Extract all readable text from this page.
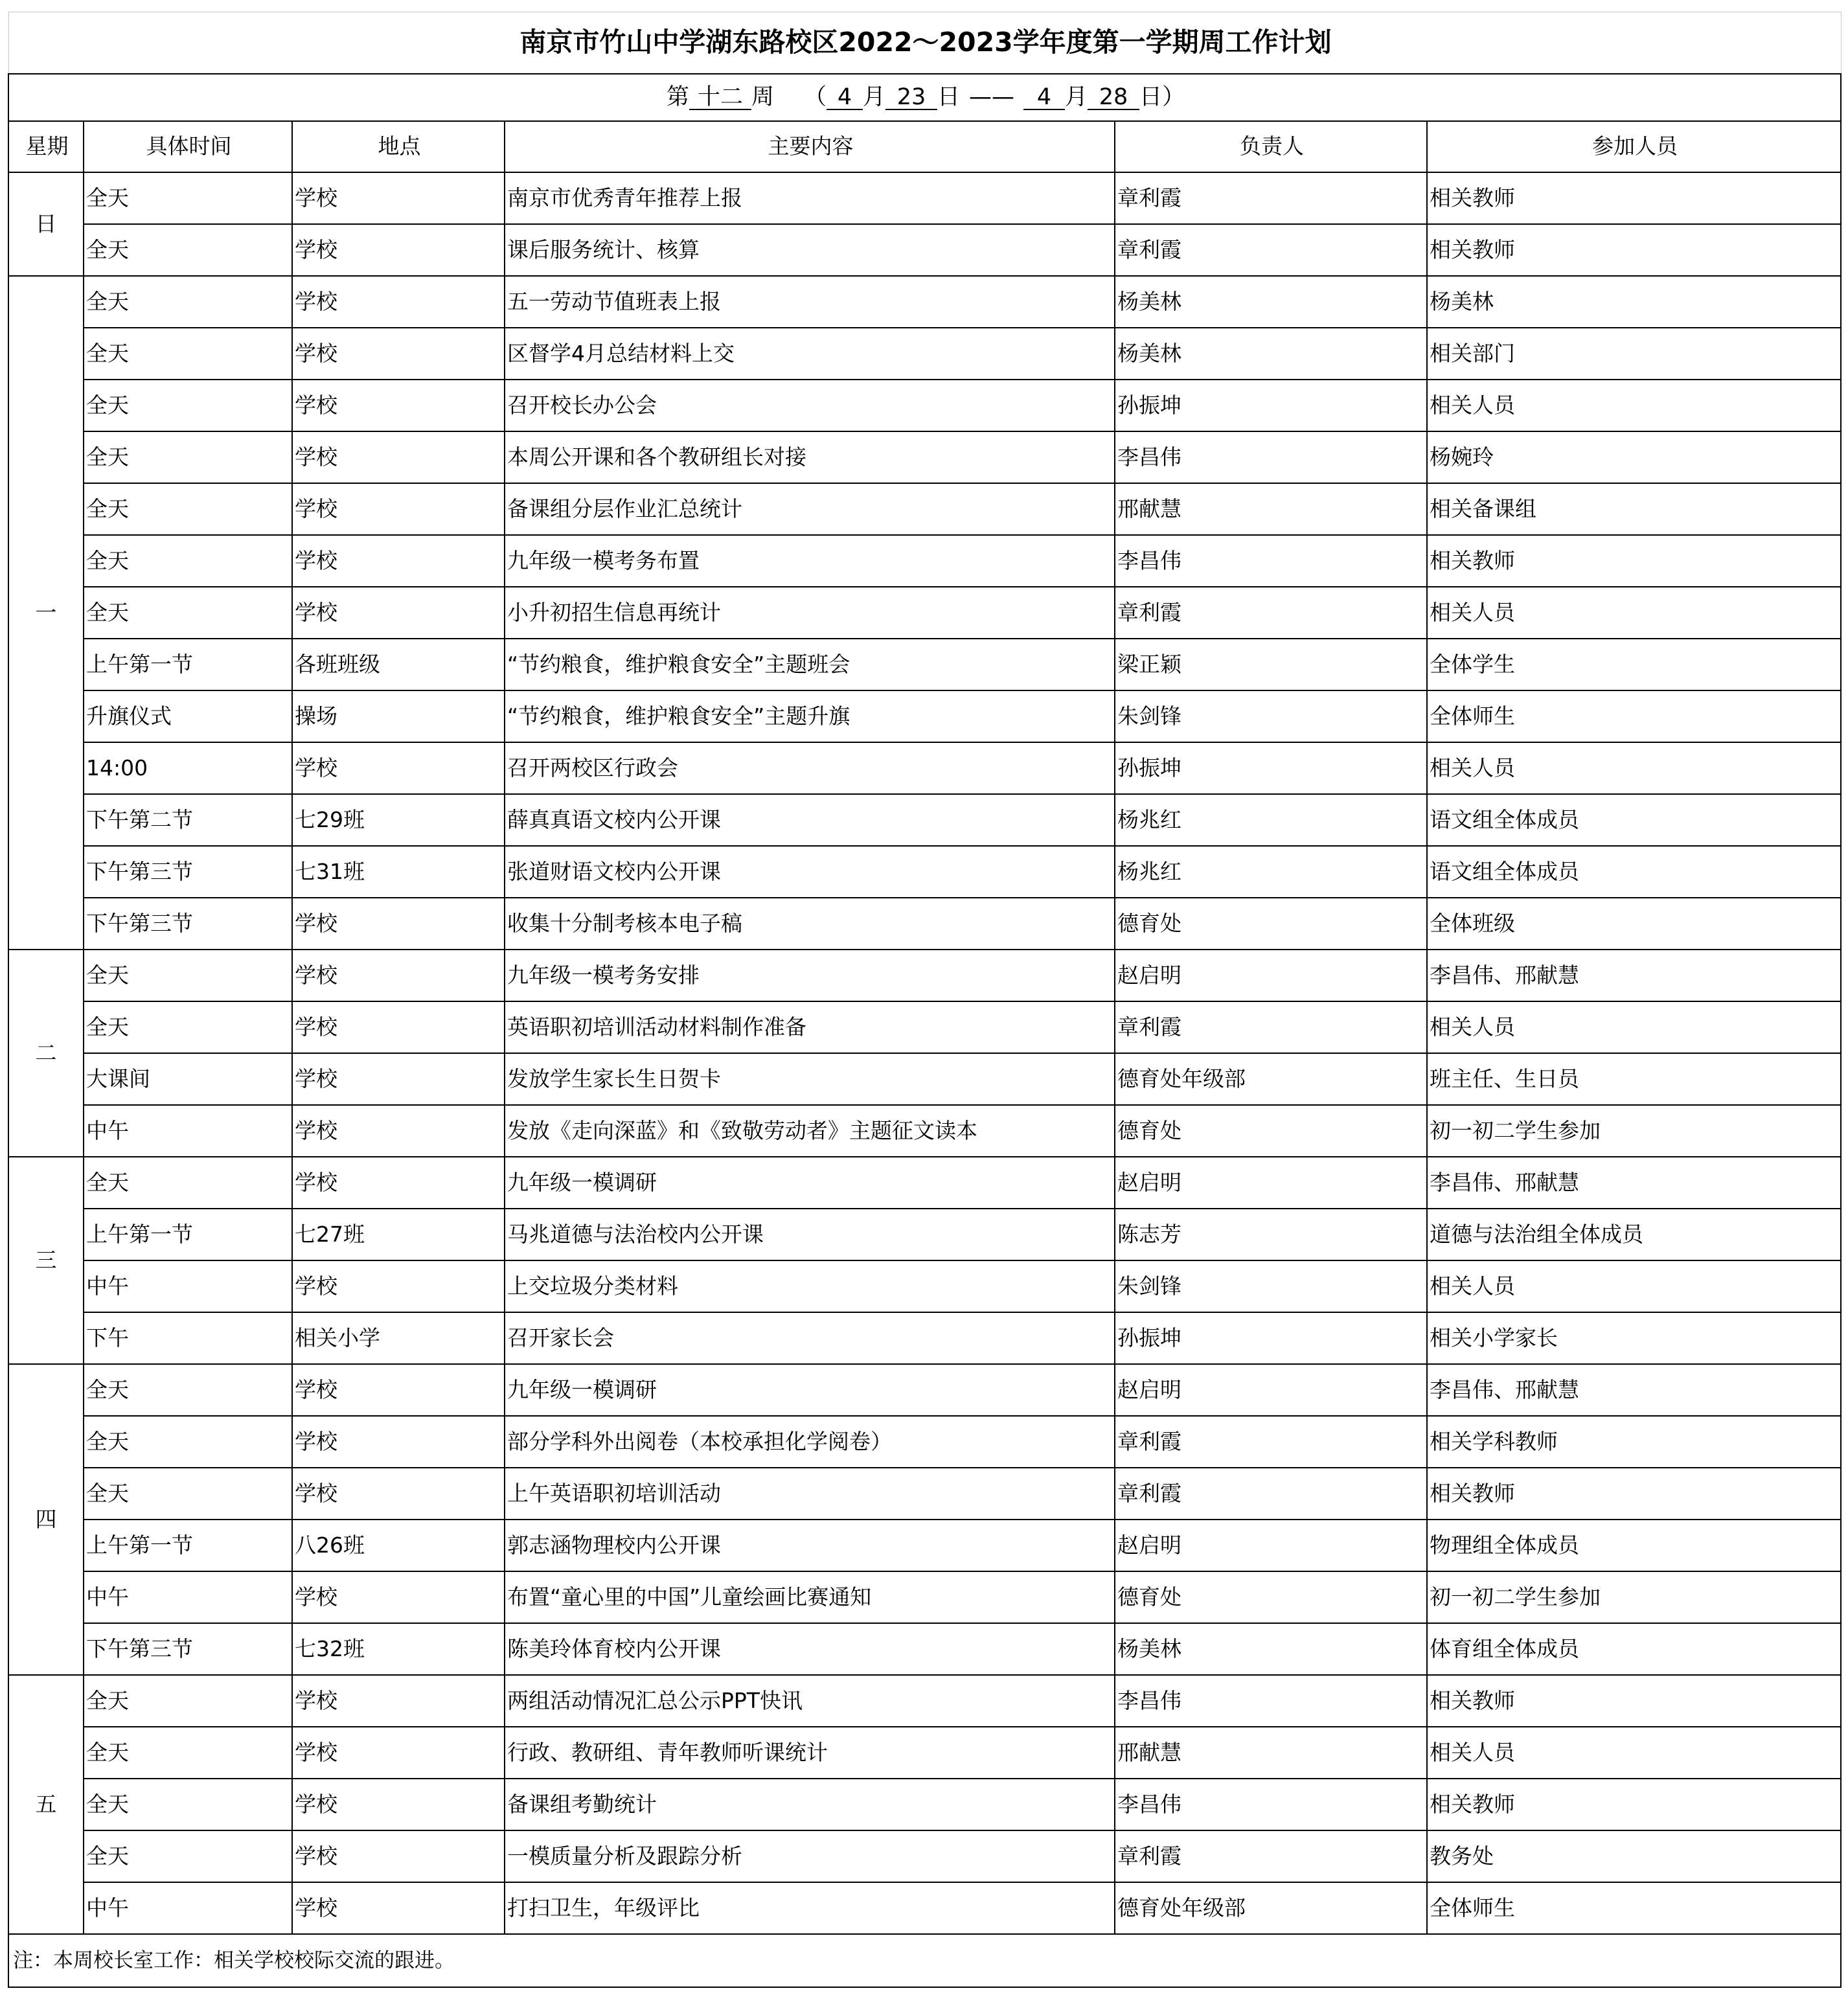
南京市竹山中学湖东路校区2022～2023学年度第一学期周工作计划					
第 十二 周 （ 4 月 23 日 —— 4 月 28 日）					
星期	具体时间	地点	主要内容	负责人	参加人员
日	全天	学校	南京市优秀青年推荐上报	章利霞	相关教师
	全天	学校	课后服务统计、核算	章利霞	相关教师
一	全天	学校	五一劳动节值班表上报	杨美林	杨美林
	全天	学校	区督学4月总结材料上交	杨美林	相关部门
	全天	学校	召开校长办公会	孙振坤	相关人员
	全天	学校	本周公开课和各个教研组长对接	李昌伟	杨婉玲
	全天	学校	备课组分层作业汇总统计	邢献慧	相关备课组
	全天	学校	九年级一模考务布置	李昌伟	相关教师
	全天	学校	小升初招生信息再统计	章利霞	相关人员
	上午第一节	各班班级	“节约粮食，维护粮食安全”主题班会	梁正颖	全体学生
	升旗仪式	操场	“节约粮食，维护粮食安全”主题升旗	朱剑锋	全体师生
	14:00	学校	召开两校区行政会	孙振坤	相关人员
	下午第二节	七29班	薛真真语文校内公开课	杨兆红	语文组全体成员
	下午第三节	七31班	张道财语文校内公开课	杨兆红	语文组全体成员
	下午第三节	学校	收集十分制考核本电子稿	德育处	全体班级
二	全天	学校	九年级一模考务安排	赵启明	李昌伟、邢献慧
	全天	学校	英语职初培训活动材料制作准备	章利霞	相关人员
	大课间	学校	发放学生家长生日贺卡	德育处年级部	班主任、生日员
	中午	学校	发放《走向深蓝》和《致敬劳动者》主题征文读本	德育处	初一初二学生参加
三	全天	学校	九年级一模调研	赵启明	李昌伟、邢献慧
	上午第一节	七27班	马兆道德与法治校内公开课	陈志芳	道德与法治组全体成员
	中午	学校	上交垃圾分类材料	朱剑锋	相关人员
	下午	相关小学	召开家长会	孙振坤	相关小学家长
四	全天	学校	九年级一模调研	赵启明	李昌伟、邢献慧
	全天	学校	部分学科外出阅卷（本校承担化学阅卷）	章利霞	相关学科教师
	全天	学校	上午英语职初培训活动	章利霞	相关教师
	上午第一节	八26班	郭志涵物理校内公开课	赵启明	物理组全体成员
	中午	学校	布置“童心里的中国”儿童绘画比赛通知	德育处	初一初二学生参加
	下午第三节	七32班	陈美玲体育校内公开课	杨美林	体育组全体成员
五	全天	学校	两组活动情况汇总公示PPT快讯	李昌伟	相关教师
	全天	学校	行政、教研组、青年教师听课统计	邢献慧	相关人员
	全天	学校	备课组考勤统计	李昌伟	相关教师
	全天	学校	一模质量分析及跟踪分析	章利霞	教务处
	中午	学校	打扫卫生，年级评比	德育处年级部	全体师生
注：本周校长室工作：相关学校校际交流的跟进。					
